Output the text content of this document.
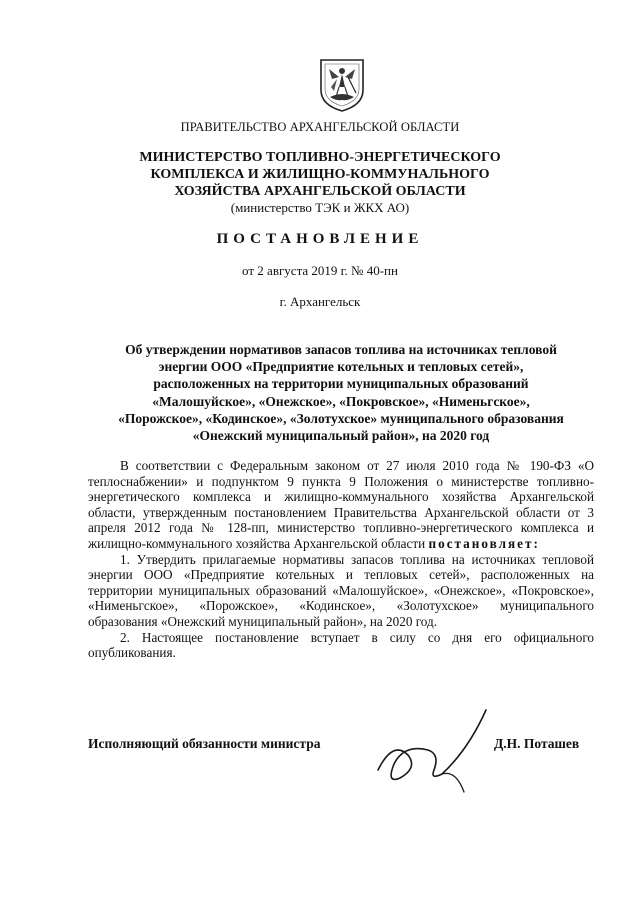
ПРАВИТЕЛЬСТВО АРХАНГЕЛЬСКОЙ ОБЛАСТИ
МИНИСТЕРСТВО ТОПЛИВНО-ЭНЕРГЕТИЧЕСКОГО
КОМПЛЕКСА И ЖИЛИЩНО-КОММУНАЛЬНОГО
ХОЗЯЙСТВА АРХАНГЕЛЬСКОЙ ОБЛАСТИ
(министерство ТЭК и ЖКХ АО)
ПОСТАНОВЛЕНИЕ
от 2 августа 2019 г. № 40-пн
г. Архангельск
Об утверждении нормативов запасов топлива на источниках тепловой
энергии ООО «Предприятие котельных и тепловых сетей»,
расположенных на территории муниципальных образований
«Малошуйское», «Онежское», «Покровское», «Нименьгское»,
«Порожское», «Кодинское», «Золотухское» муниципального образования
«Онежский муниципальный район», на 2020 год

В соответствии с Федеральным законом от 27 июля 2010 года № 190-ФЗ «О теплоснабжении» и подпунктом 9 пункта 9 Положения о министерстве топливно-энергетического комплекса и жилищно-коммунального хозяйства Архангельской области, утвержденным постановлением Правительства Архангельской области от 3 апреля 2012 года № 128-пп, министерство топливно-энергетического комплекса и жилищно-коммунального хозяйства Архангельской области постановляет:

1. Утвердить прилагаемые нормативы запасов топлива на источниках тепловой энергии ООО «Предприятие котельных и тепловых сетей», расположенных на территории муниципальных образований «Малошуйское», «Онежское», «Покровское», «Нименьгское», «Порожское», «Кодинское», «Золотухское» муниципального образования «Онежский муниципальный район», на 2020 год.

2. Настоящее постановление вступает в силу со дня его официального опубликования.

Исполняющий обязанности министра	Д.Н. Поташев
